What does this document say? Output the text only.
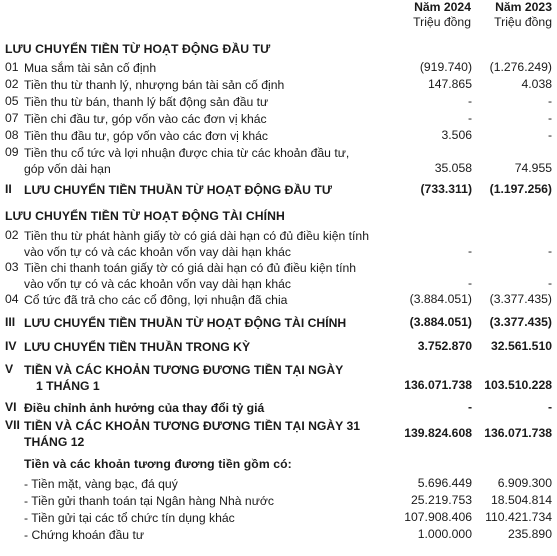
Năm 2024
Triệu đồng
Năm 2023
Triệu đồng
LƯU CHUYỂN TIỀN TỪ HOẠT ĐỘNG ĐẦU TƯ
01 Mua sắm tài sản cố định	(919.740)	(1.276.249)
02 Tiền thu từ thanh lý, nhượng bán tài sản cố định	147.865	4.038
05 Tiền thu từ bán, thanh lý bất động sản đầu tư	-	-
07 Tiền chi đầu tư, góp vốn vào các đơn vị khác	-	-
08 Tiền thu đầu tư, góp vốn vào các đơn vị khác	3.506	-
09 Tiền thu cổ tức và lợi nhuận được chia từ các khoản đầu tư,
góp vốn dài hạn	35.058	74.955
II LƯU CHUYỂN TIỀN THUẦN TỪ HOẠT ĐỘNG ĐẦU TƯ	(733.311)	(1.197.256)
LƯU CHUYỂN TIỀN TỪ HOẠT ĐỘNG TÀI CHÍNH
02 Tiền thu từ phát hành giấy tờ có giá dài hạn có đủ điều kiện tính
vào vốn tự có và các khoản vốn vay dài hạn khác	-	-
03 Tiền chi thanh toán giấy tờ có giá dài hạn có đủ điều kiện tính
vào vốn tự có và các khoản vốn vay dài hạn khác	-	-
04 Cổ tức đã trả cho các cổ đông, lợi nhuận đã chia	(3.884.051)	(3.377.435)
III LƯU CHUYỂN TIỀN THUẦN TỪ HOẠT ĐỘNG TÀI CHÍNH	(3.884.051)	(3.377.435)
IV LƯU CHUYỂN TIỀN THUẦN TRONG KỲ	3.752.870	32.561.510
V TIỀN VÀ CÁC KHOẢN TƯƠNG ĐƯƠNG TIỀN TẠI NGÀY
1 THÁNG 1	136.071.738	103.510.228
VI Điều chỉnh ảnh hưởng của thay đổi tỷ giá	-	-
VII TIỀN VÀ CÁC KHOẢN TƯƠNG ĐƯƠNG TIỀN TẠI NGÀY 31
THÁNG 12
139.824.608	136.071.738
Tiền và các khoản tương đương tiền gồm có:
- Tiền mặt, vàng bạc, đá quý	5.696.449	6.909.300
- Tiền gửi thanh toán tại Ngân hàng Nhà nước	25.219.753	18.504.814
- Tiền gửi tại các tổ chức tín dụng khác	107.908.406	110.421.734
- Chứng khoán đầu tư	1.000.000	235.890
